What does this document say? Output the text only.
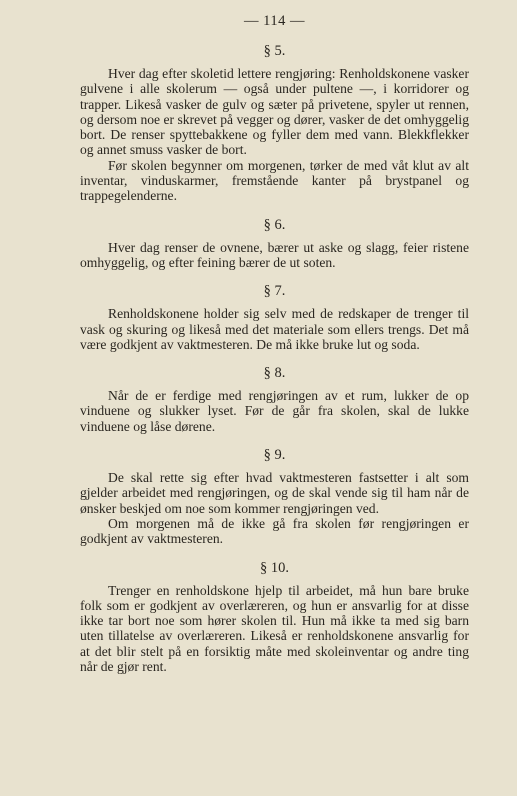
— 114 —
§ 5.

Hver dag efter skoletid lettere rengjøring: Renholdskonene vasker gulvene i alle skolerum — også under pultene —, i korridorer og trapper. Likeså vasker de gulv og sæter på privetene, spyler ut rennen, og dersom noe er skrevet på vegger og dører, vasker de det omhyggelig bort. De renser spyttebakkene og fyller dem med vann. Blekkflekker og annet smuss vasker de bort.

Før skolen begynner om morgenen, tørker de med våt klut av alt inventar, vinduskarmer, fremstående kanter på brystpanel og trappegelenderne.

§ 6.

Hver dag renser de ovnene, bærer ut aske og slagg, feier ristene omhyggelig, og efter feining bærer de ut soten.

§ 7.

Renholdskonene holder sig selv med de redskaper de trenger til vask og skuring og likeså med det materiale som ellers trengs. Det må være godkjent av vaktmesteren. De må ikke bruke lut og soda.

§ 8.

Når de er ferdige med rengjøringen av et rum, lukker de op vinduene og slukker lyset. Før de går fra skolen, skal de lukke vinduene og låse dørene.

§ 9.

De skal rette sig efter hvad vaktmesteren fastsetter i alt som gjelder arbeidet med rengjøringen, og de skal vende sig til ham når de ønsker beskjed om noe som kommer rengjøringen ved.

Om morgenen må de ikke gå fra skolen før rengjøringen er godkjent av vaktmesteren.

§ 10.

Trenger en renholdskone hjelp til arbeidet, må hun bare bruke folk som er godkjent av overlæreren, og hun er ansvarlig for at disse ikke tar bort noe som hører skolen til. Hun må ikke ta med sig barn uten tillatelse av overlæreren. Likeså er renholdskonene ansvarlig for at det blir stelt på en forsiktig måte med skoleinventar og andre ting når de gjør rent.
